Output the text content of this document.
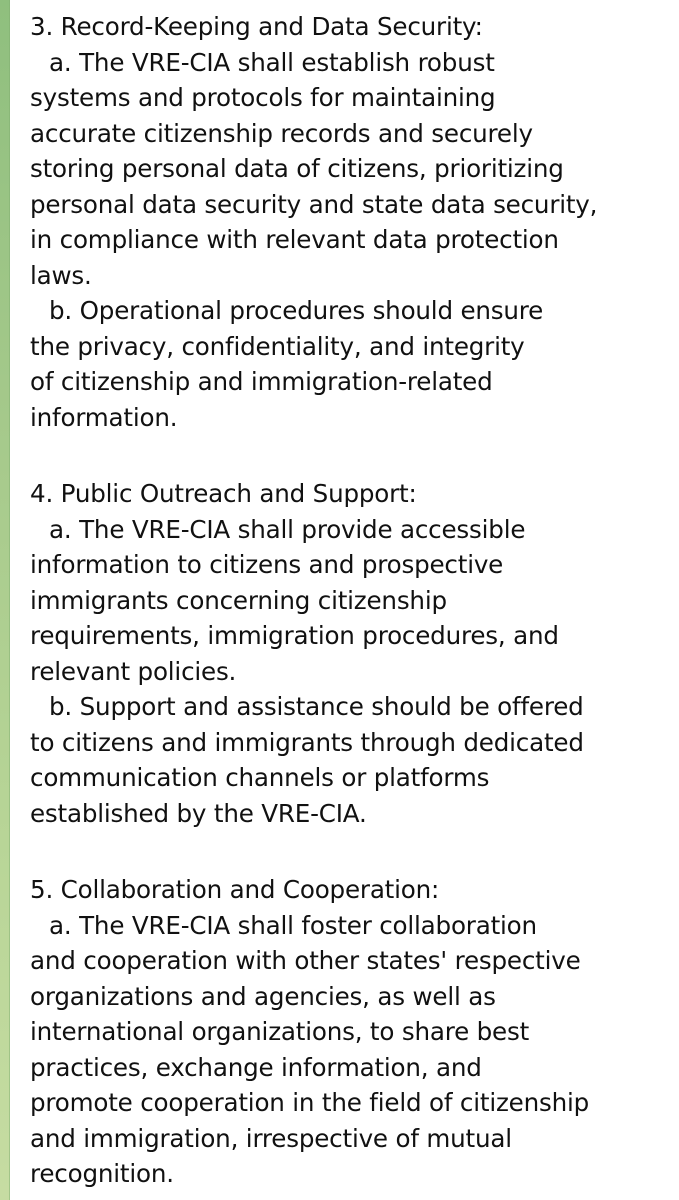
3. Record-Keeping and Data Security:
a. The VRE-CIA shall establish robust
systems and protocols for maintaining
accurate citizenship records and securely
storing personal data of citizens, prioritizing
personal data security and state data security,
in compliance with relevant data protection
laws.
b. Operational procedures should ensure
the privacy, confidentiality, and integrity
of citizenship and immigration-related
information.
4. Public Outreach and Support:
a. The VRE-CIA shall provide accessible
information to citizens and prospective
immigrants concerning citizenship
requirements, immigration procedures, and
relevant policies.
b. Support and assistance should be offered
to citizens and immigrants through dedicated
communication channels or platforms
established by the VRE-CIA.
5. Collaboration and Cooperation:
a. The VRE-CIA shall foster collaboration
and cooperation with other states' respective
organizations and agencies, as well as
international organizations, to share best
practices, exchange information, and
promote cooperation in the field of citizenship
and immigration, irrespective of mutual
recognition.
